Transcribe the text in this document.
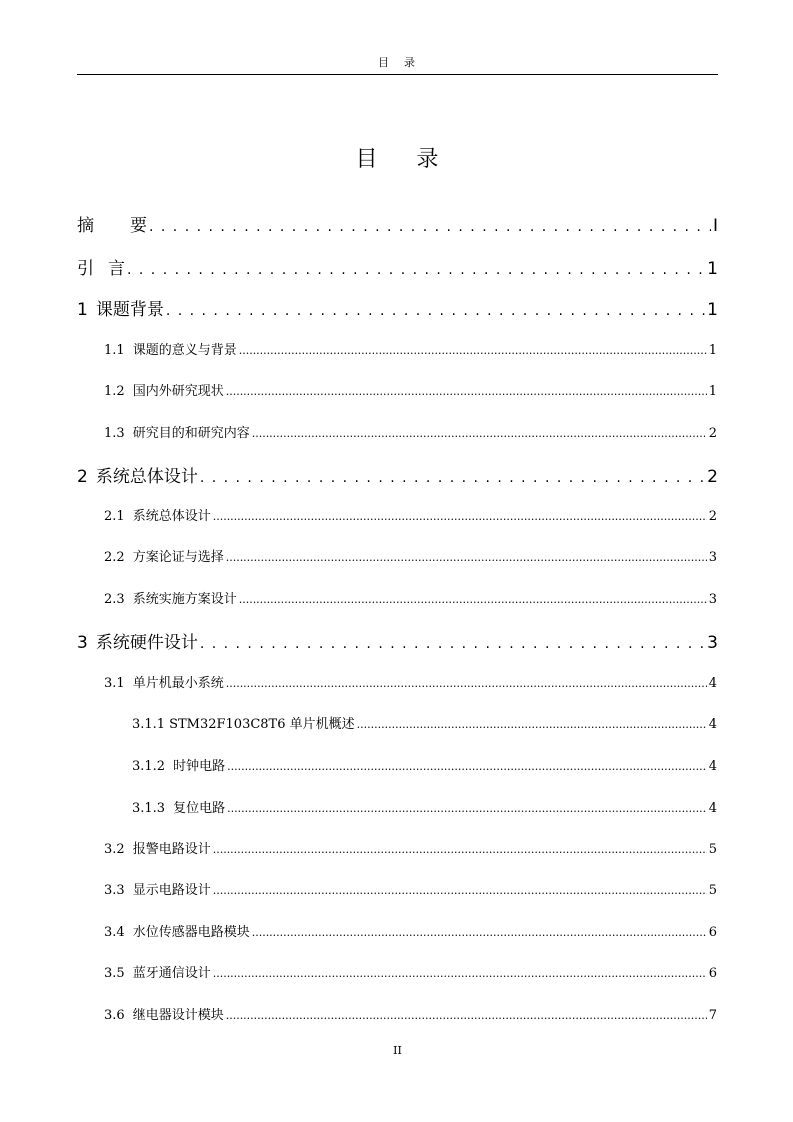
目　录
目 录
摘 要 . . .	I
引 言 . . .	1
1 课题背景 . . .	1
1.1 课题的意义与背景 .....	1
1.2 国内外研究现状 .....	1
1.3 研究目的和研究内容 .....	2
2 系统总体设计 . . .	2
2.1 系统总体设计 .....	2
2.2 方案论证与选择 .....	3
2.3 系统实施方案设计 .....	3
3 系统硬件设计 . . .	3
3.1 单片机最小系统 .....	4
3.1.1 STM32F103C8T6 单片机概述 .....	4
3.1.2 时钟电路 .....	4
3.1.3 复位电路 .....	4
3.2 报警电路设计 .....	5
3.3 显示电路设计 .....	5
3.4 水位传感器电路模块 .....	6
3.5 蓝牙通信设计 .....	6
3.6 继电器设计模块 .....	7
II
